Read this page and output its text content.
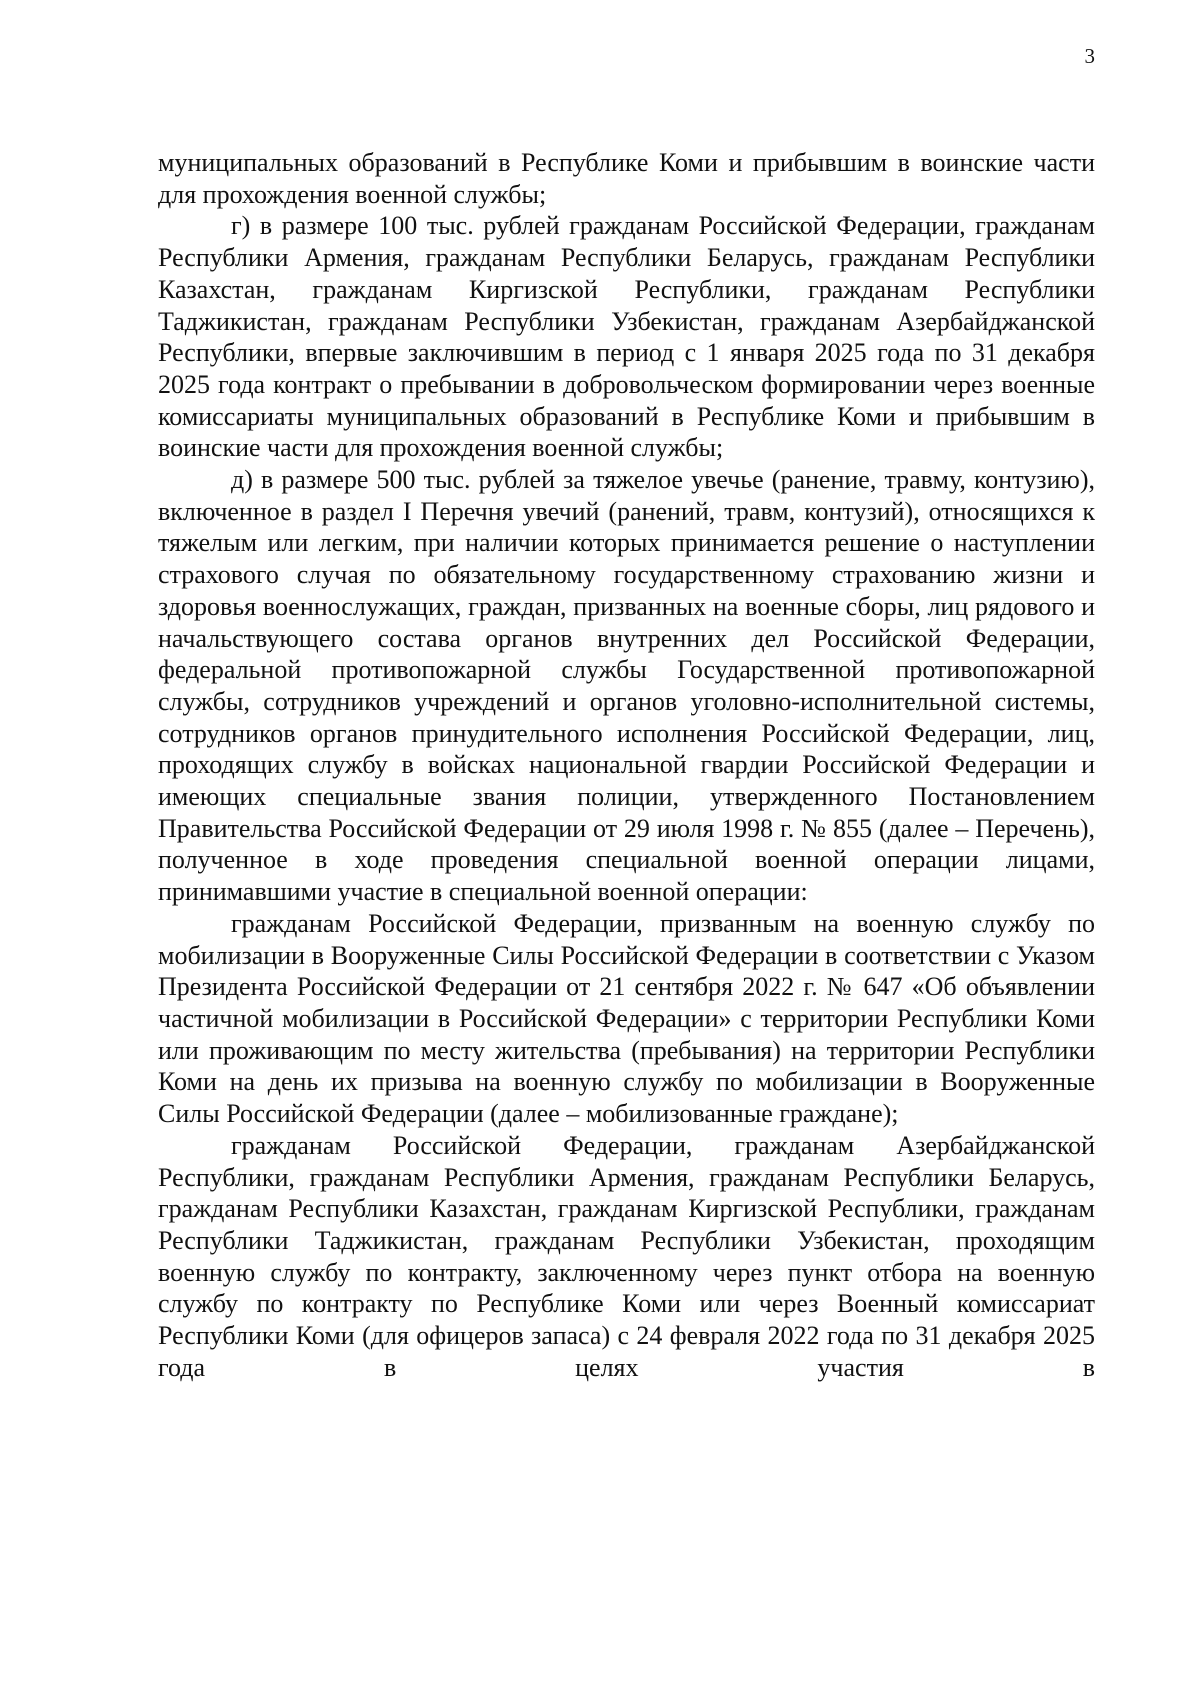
3

муниципальных образований в Республике Коми и прибывшим в воинские части для прохождения военной службы;

г) в размере 100 тыс. рублей гражданам Российской Федерации, гражданам Республики Армения, гражданам Республики Беларусь, гражданам Республики Казахстан, гражданам Киргизской Республики, гражданам Республики Таджикистан, гражданам Республики Узбекистан, гражданам Азербайджанской Республики, впервые заключившим в период с 1 января 2025 года по 31 декабря 2025 года контракт о пребывании в добровольческом формировании через военные комиссариаты муниципальных образований в Республике Коми и прибывшим в воинские части для прохождения военной службы;

д) в размере 500 тыс. рублей за тяжелое увечье (ранение, травму, контузию), включенное в раздел I Перечня увечий (ранений, травм, контузий), относящихся к тяжелым или легким, при наличии которых принимается решение о наступлении страхового случая по обязательному государственному страхованию жизни и здоровья военнослужащих, граждан, призванных на военные сборы, лиц рядового и начальствующего состава органов внутренних дел Российской Федерации, федеральной противопожарной службы Государственной противопожарной службы, сотрудников учреждений и органов уголовно-исполнительной системы, сотрудников органов принудительного исполнения Российской Федерации, лиц, проходящих службу в войсках национальной гвардии Российской Федерации и имеющих специальные звания полиции, утвержденного Постановлением Правительства Российской Федерации от 29 июля 1998 г. № 855 (далее – Перечень), полученное в ходе проведения специальной военной операции лицами, принимавшими участие в специальной военной операции:

гражданам Российской Федерации, призванным на военную службу по мобилизации в Вооруженные Силы Российской Федерации в соответствии с Указом Президента Российской Федерации от 21 сентября 2022 г. № 647 «Об объявлении частичной мобилизации в Российской Федерации» с территории Республики Коми или проживающим по месту жительства (пребывания) на территории Республики Коми на день их призыва на военную службу по мобилизации в Вооруженные Силы Российской Федерации (далее – мобилизованные граждане);

гражданам Российской Федерации, гражданам Азербайджанской Республики, гражданам Республики Армения, гражданам Республики Беларусь, гражданам Республики Казахстан, гражданам Киргизской Республики, гражданам Республики Таджикистан, гражданам Республики Узбекистан, проходящим военную службу по контракту, заключенному через пункт отбора на военную службу по контракту по Республике Коми или через Военный комиссариат Республики Коми (для офицеров запаса) с 24 февраля 2022 года по 31 декабря 2025 года в целях участия в
